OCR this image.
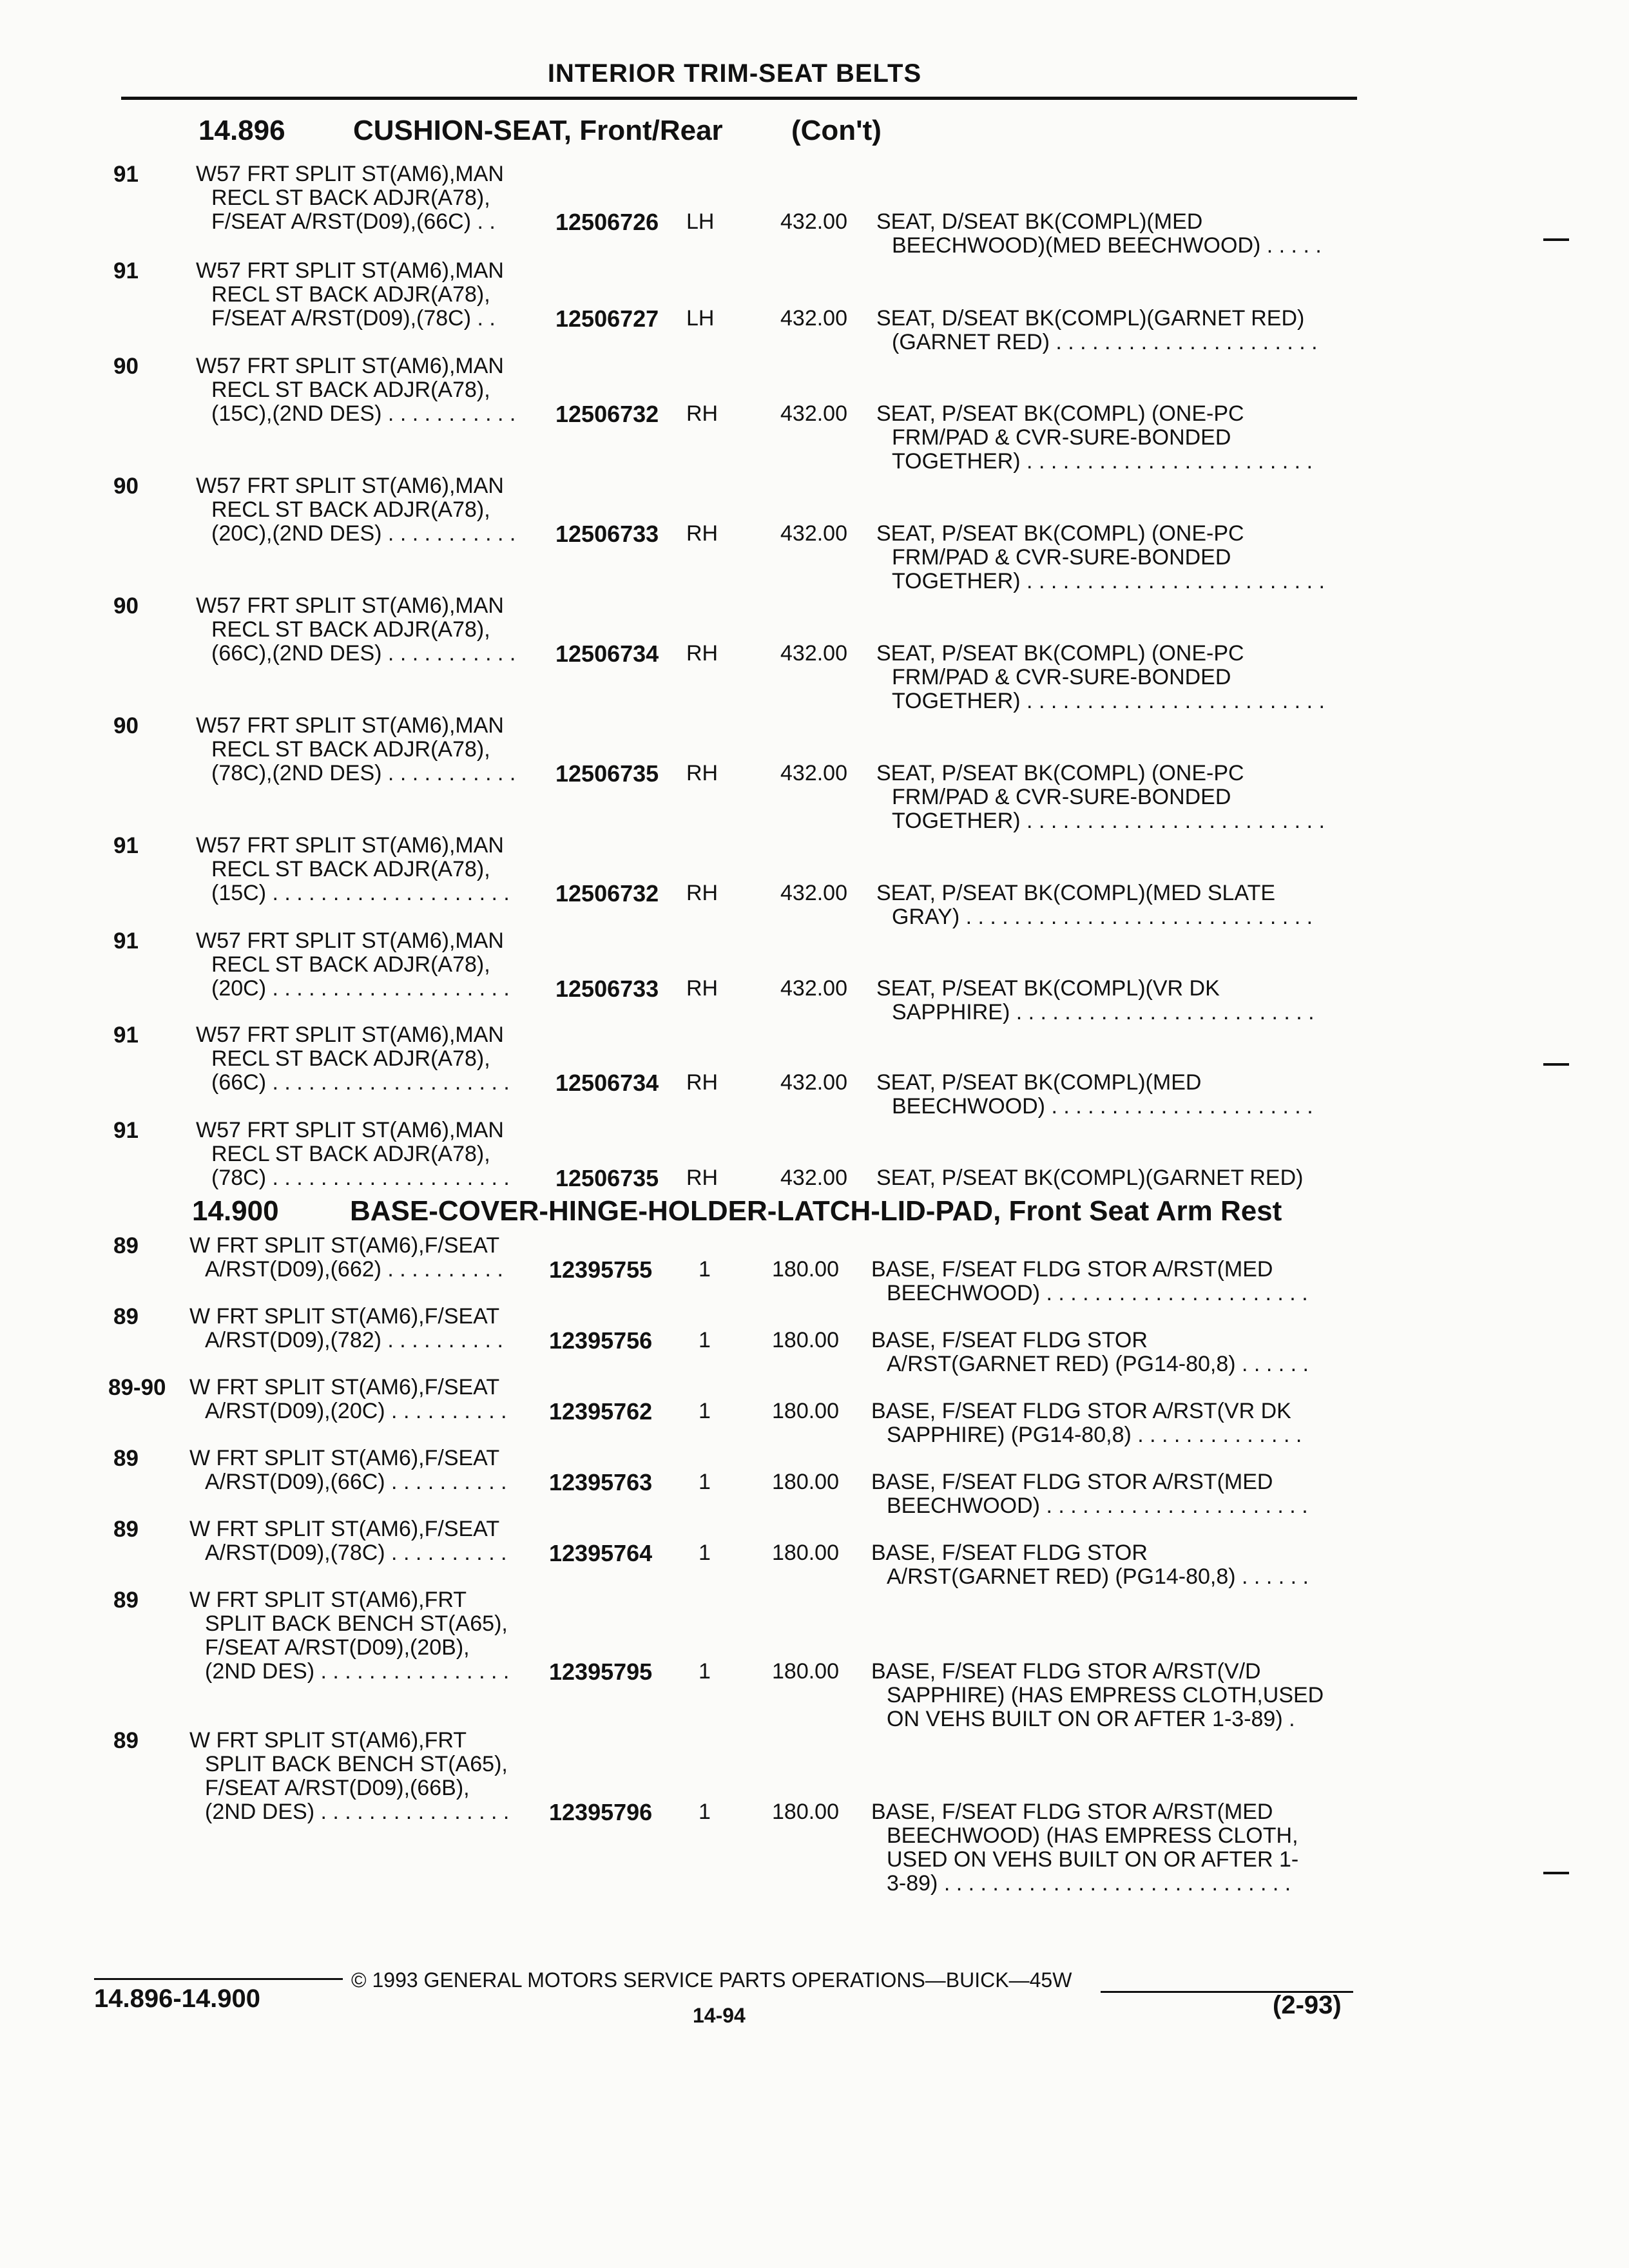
INTERIOR TRIM-SEAT BELTS
14.896 CUSHION-SEAT, Front/Rear (Con't)
14.900	BASE-COVER-HINGE-HOLDER-LATCH-LID-PAD, Front Seat Arm Rest
91	W57 FRT SPLIT ST(AM6),MAN
RECL ST BACK ADJR(A78),
F/SEAT A/RST(D09),(66C) . .	12506726 LH	432.00 SEAT, D/SEAT BK(COMPL)(MED
BEECHWOOD)(MED BEECHWOOD) . . . . .
91	W57 FRT SPLIT ST(AM6),MAN
RECL ST BACK ADJR(A78),
F/SEAT A/RST(D09),(78C) . .	12506727 LH	432.00 SEAT, D/SEAT BK(COMPL)(GARNET RED)
(GARNET RED) . . . . . . . . . . . . . . . . . . . . . .
90	W57 FRT SPLIT ST(AM6),MAN
RECL ST BACK ADJR(A78),
(15C),(2ND DES) . . . . . . . . . . . 12506732 RH	432.00 SEAT, P/SEAT BK(COMPL) (ONE-PC
FRM/PAD & CVR-SURE-BONDED
TOGETHER) . . . . . . . . . . . . . . . . . . . . . . . .
90	W57 FRT SPLIT ST(AM6),MAN
RECL ST BACK ADJR(A78),
(20C),(2ND DES) . . . . . . . . . . . 12506733 RH	432.00 SEAT, P/SEAT BK(COMPL) (ONE-PC
FRM/PAD & CVR-SURE-BONDED
TOGETHER) . . . . . . . . . . . . . . . . . . . . . . . . .
90	W57 FRT SPLIT ST(AM6),MAN
RECL ST BACK ADJR(A78),
(66C),(2ND DES) . . . . . . . . . . . 12506734 RH	432.00 SEAT, P/SEAT BK(COMPL) (ONE-PC
FRM/PAD & CVR-SURE-BONDED
TOGETHER) . . . . . . . . . . . . . . . . . . . . . . . . .
90	W57 FRT SPLIT ST(AM6),MAN
RECL ST BACK ADJR(A78),
(78C),(2ND DES) . . . . . . . . . . . 12506735 RH	432.00 SEAT, P/SEAT BK(COMPL) (ONE-PC
FRM/PAD & CVR-SURE-BONDED
TOGETHER) . . . . . . . . . . . . . . . . . . . . . . . . .
91	W57 FRT SPLIT ST(AM6),MAN
RECL ST BACK ADJR(A78),
(15C) . . . . . . . . . . . . . . . . . . . . 12506732 RH	432.00 SEAT, P/SEAT BK(COMPL)(MED SLATE
GRAY) . . . . . . . . . . . . . . . . . . . . . . . . . . . . .
91	W57 FRT SPLIT ST(AM6),MAN
RECL ST BACK ADJR(A78),
(20C) . . . . . . . . . . . . . . . . . . . . 12506733 RH	432.00 SEAT, P/SEAT BK(COMPL)(VR DK
SAPPHIRE) . . . . . . . . . . . . . . . . . . . . . . . . .
91	W57 FRT SPLIT ST(AM6),MAN
RECL ST BACK ADJR(A78),
(66C) . . . . . . . . . . . . . . . . . . . . 12506734 RH	432.00 SEAT, P/SEAT BK(COMPL)(MED
BEECHWOOD) . . . . . . . . . . . . . . . . . . . . . .
91	W57 FRT SPLIT ST(AM6),MAN
RECL ST BACK ADJR(A78),
(78C) . . . . . . . . . . . . . . . . . . . . 12506735 RH	432.00 SEAT, P/SEAT BK(COMPL)(GARNET RED)
89 W FRT SPLIT ST(AM6),F/SEAT
A/RST(D09),(662) . . . . . . . . . . 12395755 1	180.00 BASE, F/SEAT FLDG STOR A/RST(MED
BEECHWOOD) . . . . . . . . . . . . . . . . . . . . . .
89 W FRT SPLIT ST(AM6),F/SEAT
A/RST(D09),(782) . . . . . . . . . . 12395756 1	180.00 BASE, F/SEAT FLDG STOR
A/RST(GARNET RED) (PG14-80,8) . . . . . .
89-90 W FRT SPLIT ST(AM6),F/SEAT
A/RST(D09),(20C) . . . . . . . . . . 12395762 1	180.00 BASE, F/SEAT FLDG STOR A/RST(VR DK
SAPPHIRE) (PG14-80,8) . . . . . . . . . . . . . .
89 W FRT SPLIT ST(AM6),F/SEAT
A/RST(D09),(66C) . . . . . . . . . . 12395763 1	180.00 BASE, F/SEAT FLDG STOR A/RST(MED
BEECHWOOD) . . . . . . . . . . . . . . . . . . . . . .
89 W FRT SPLIT ST(AM6),F/SEAT
A/RST(D09),(78C) . . . . . . . . . . 12395764 1	180.00 BASE, F/SEAT FLDG STOR
A/RST(GARNET RED) (PG14-80,8) . . . . . .
89 W FRT SPLIT ST(AM6),FRT
SPLIT BACK BENCH ST(A65),
F/SEAT A/RST(D09),(20B),
(2ND DES) . . . . . . . . . . . . . . . . 12395795 1	180.00 BASE, F/SEAT FLDG STOR A/RST(V/D
SAPPHIRE) (HAS EMPRESS CLOTH,USED
ON VEHS BUILT ON OR AFTER 1-3-89) .
89 W FRT SPLIT ST(AM6),FRT
SPLIT BACK BENCH ST(A65),
F/SEAT A/RST(D09),(66B),
(2ND DES) . . . . . . . . . . . . . . . . 12395796 1	180.00 BASE, F/SEAT FLDG STOR A/RST(MED
BEECHWOOD) (HAS EMPRESS CLOTH,
USED ON VEHS BUILT ON OR AFTER 1-
3-89) . . . . . . . . . . . . . . . . . . . . . . . . . . . . .
© 1993 GENERAL MOTORS SERVICE PARTS OPERATIONS—BUICK—45W
14.896-14.900
14-94	(2-93)
